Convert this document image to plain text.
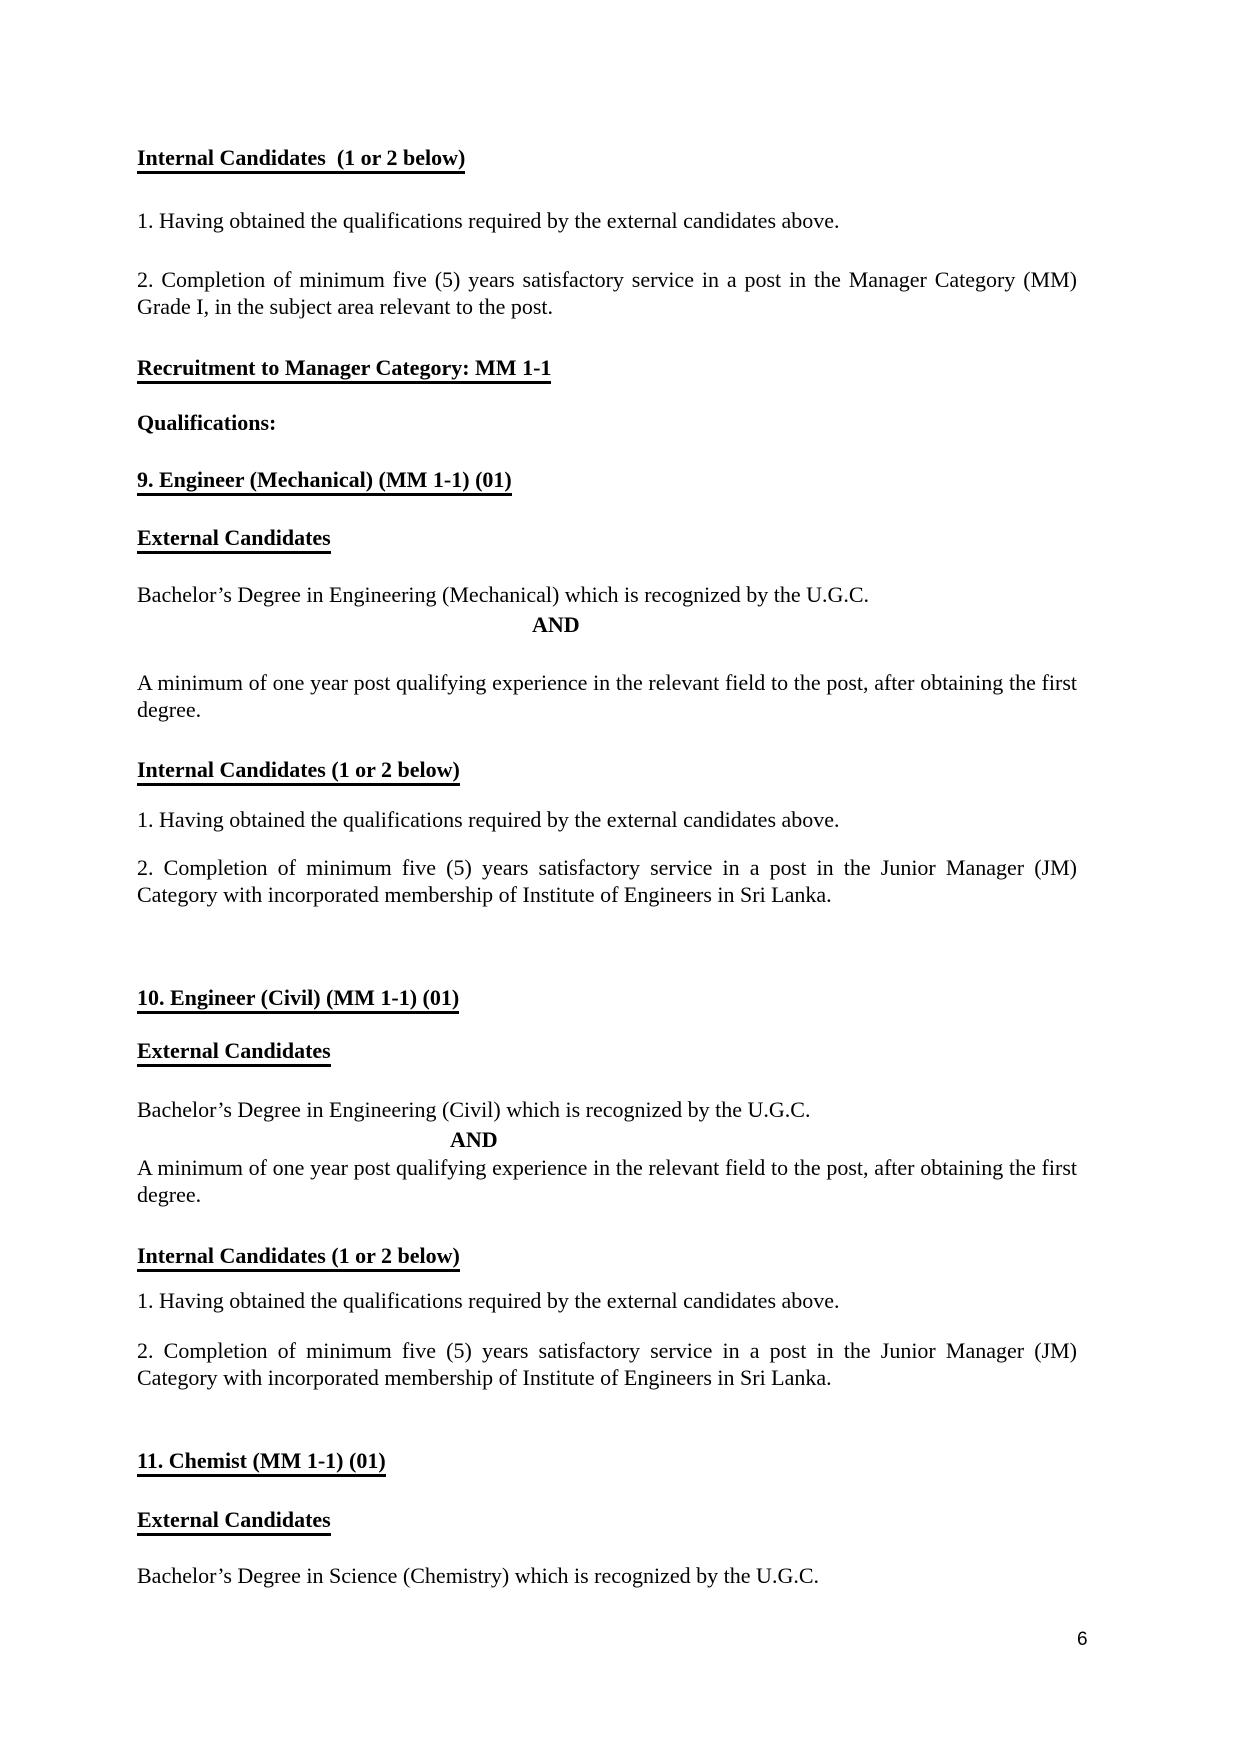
Internal Candidates  (1 or 2 below)

1. Having obtained the qualifications required by the external candidates above.

2. Completion of minimum five (5) years satisfactory service in a post in the Manager Category (MM) Grade I, in the subject area relevant to the post.

Recruitment to Manager Category: MM 1-1

Qualifications:

9. Engineer (Mechanical) (MM 1-1) (01)

External Candidates

Bachelor’s Degree in Engineering (Mechanical) which is recognized by the U.G.C.

AND

A minimum of one year post qualifying experience in the relevant field to the post, after obtaining the first degree.

Internal Candidates (1 or 2 below)

1. Having obtained the qualifications required by the external candidates above.

2. Completion of minimum five (5) years satisfactory service in a post in the Junior Manager (JM) Category with incorporated membership of Institute of Engineers in Sri Lanka.

10. Engineer (Civil) (MM 1-1) (01)

External Candidates

Bachelor’s Degree in Engineering (Civil) which is recognized by the U.G.C.

AND

A minimum of one year post qualifying experience in the relevant field to the post, after obtaining the first degree.

Internal Candidates (1 or 2 below)

1. Having obtained the qualifications required by the external candidates above.

2. Completion of minimum five (5) years satisfactory service in a post in the Junior Manager (JM) Category with incorporated membership of Institute of Engineers in Sri Lanka.

11. Chemist (MM 1-1) (01)

External Candidates

Bachelor’s Degree in Science (Chemistry) which is recognized by the U.G.C.

6
